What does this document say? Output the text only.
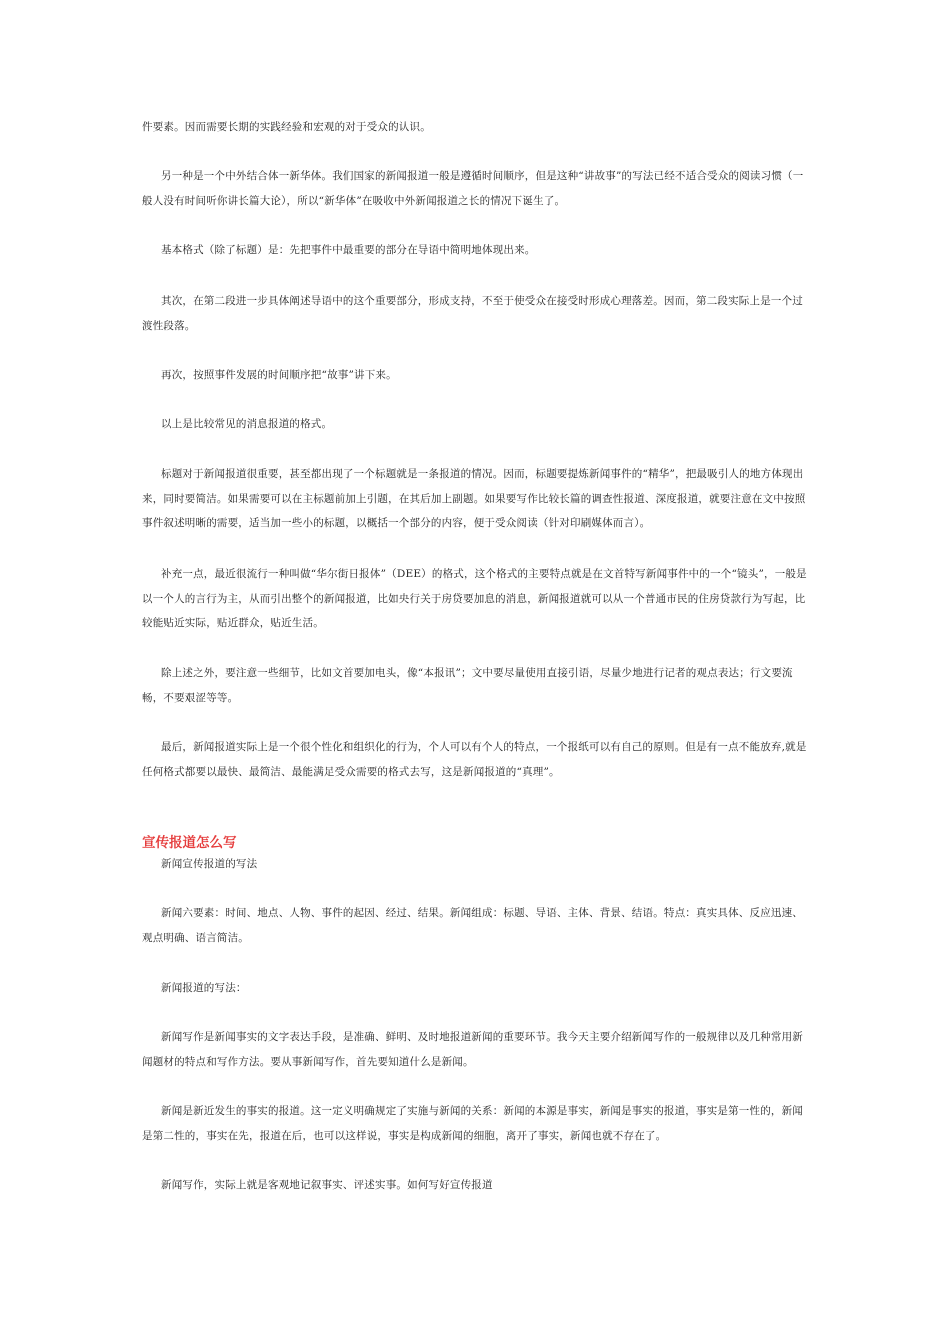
件要素。因而需要长期的实践经验和宏观的对于受众的认识。

另一种是一个中外结合体一新华体。我们国家的新闻报道一般是遵循时间顺序，但是这种“讲故事”的写法已经不适合受众的阅读习惯（一般人没有时间听你讲长篇大论），所以“新华体”在吸收中外新闻报道之长的情况下诞生了。

基本格式（除了标题）是：先把事件中最重要的部分在导语中简明地体现出来。

其次，在第二段进一步具体阐述导语中的这个重要部分，形成支持，不至于使受众在接受时形成心理落差。因而，第二段实际上是一个过渡性段落。

再次，按照事件发展的时间顺序把“故事”讲下来。

以上是比较常见的消息报道的格式。

标题对于新闻报道很重要，甚至都出现了一个标题就是一条报道的情况。因而，标题要提炼新闻事件的“精华”，把最吸引人的地方体现出来，同时要简洁。如果需要可以在主标题前加上引题，在其后加上副题。如果要写作比较长篇的调查性报道、深度报道，就要注意在文中按照事件叙述明晰的需要，适当加一些小的标题，以概括一个部分的内容，便于受众阅读（针对印刷媒体而言）。

补充一点，最近很流行一种叫做“华尔街日报体”（DEE）的格式，这个格式的主要特点就是在文首特写新闻事件中的一个“镜头”，一般是以一个人的言行为主，从而引出整个的新闻报道，比如央行关于房贷要加息的消息，新闻报道就可以从一个普通市民的住房贷款行为写起，比较能贴近实际，贴近群众，贴近生活。

除上述之外，要注意一些细节，比如文首要加电头，像“本报讯”；文中要尽量使用直接引语，尽量少地进行记者的观点表达；行文要流畅，不要艰涩等等。

最后，新闻报道实际上是一个很个性化和组织化的行为，个人可以有个人的特点，一个报纸可以有自己的原则。但是有一点不能放弃,就是任何格式都要以最快、最简洁、最能满足受众需要的格式去写，这是新闻报道的“真理”。

宣传报道怎么写

新闻宣传报道的写法

新闻六要素：时间、地点、人物、事件的起因、经过、结果。新闻组成：标题、导语、主体、背景、结语。特点：真实具体、反应迅速、观点明确、语言简洁。

新闻报道的写法：

新闻写作是新闻事实的文字表达手段，是准确、鲜明、及时地报道新闻的重要环节。我今天主要介绍新闻写作的一般规律以及几种常用新闻题材的特点和写作方法。要从事新闻写作，首先要知道什么是新闻。

新闻是新近发生的事实的报道。这一定义明确规定了实施与新闻的关系：新闻的本源是事实，新闻是事实的报道，事实是第一性的，新闻是第二性的，事实在先，报道在后，也可以这样说，事实是构成新闻的细胞，离开了事实，新闻也就不存在了。

新闻写作，实际上就是客观地记叙事实、评述实事。如何写好宣传报道
